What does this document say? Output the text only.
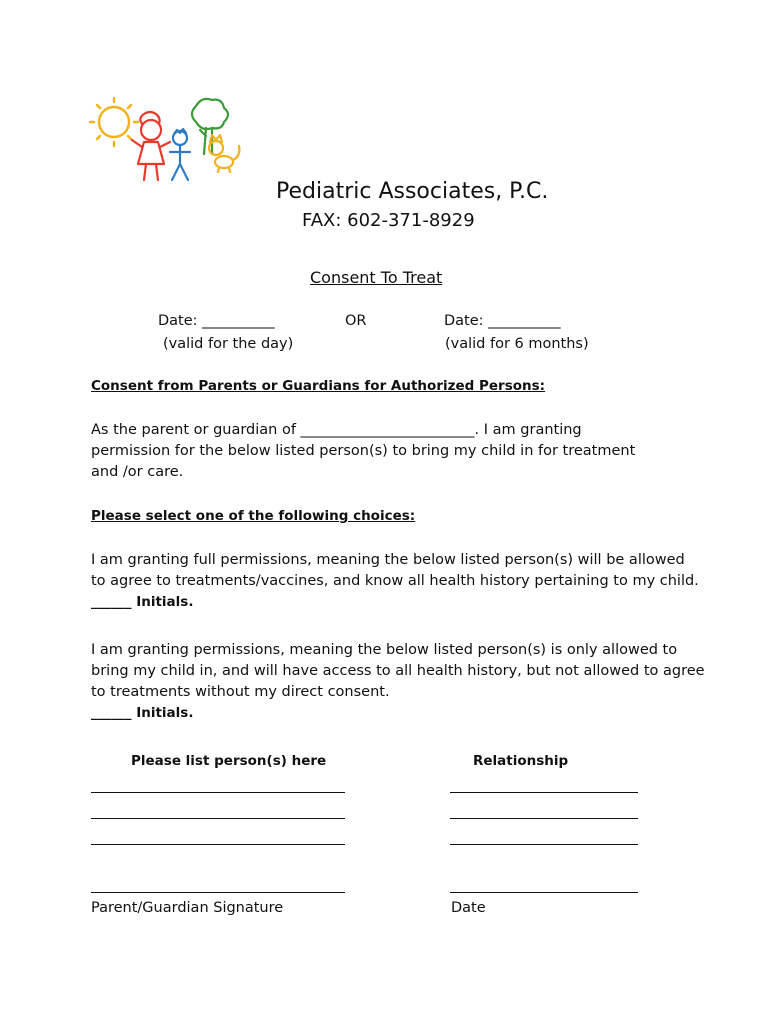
Pediatric Associates, P.C.
FAX: 602-371-8929
Consent To Treat
Date: __________
(valid for the day)
OR	Date: __________
(valid for 6 months)
Consent from Parents or Guardians for Authorized Persons:
As the parent or guardian of ________________________. I am granting
permission for the below listed person(s) to bring my child in for treatment
and /or care.
Please select one of the following choices:
I am granting full permissions, meaning the below listed person(s) will be allowed
to agree to treatments/vaccines, and know all health history pertaining to my child.
______ Initials.
I am granting permissions, meaning the below listed person(s) is only allowed to
bring my child in, and will have access to all health history, but not allowed to agree
to treatments without my direct consent.
______ Initials.
Please list person(s) here	Relationship
Parent/Guardian Signature	Date
